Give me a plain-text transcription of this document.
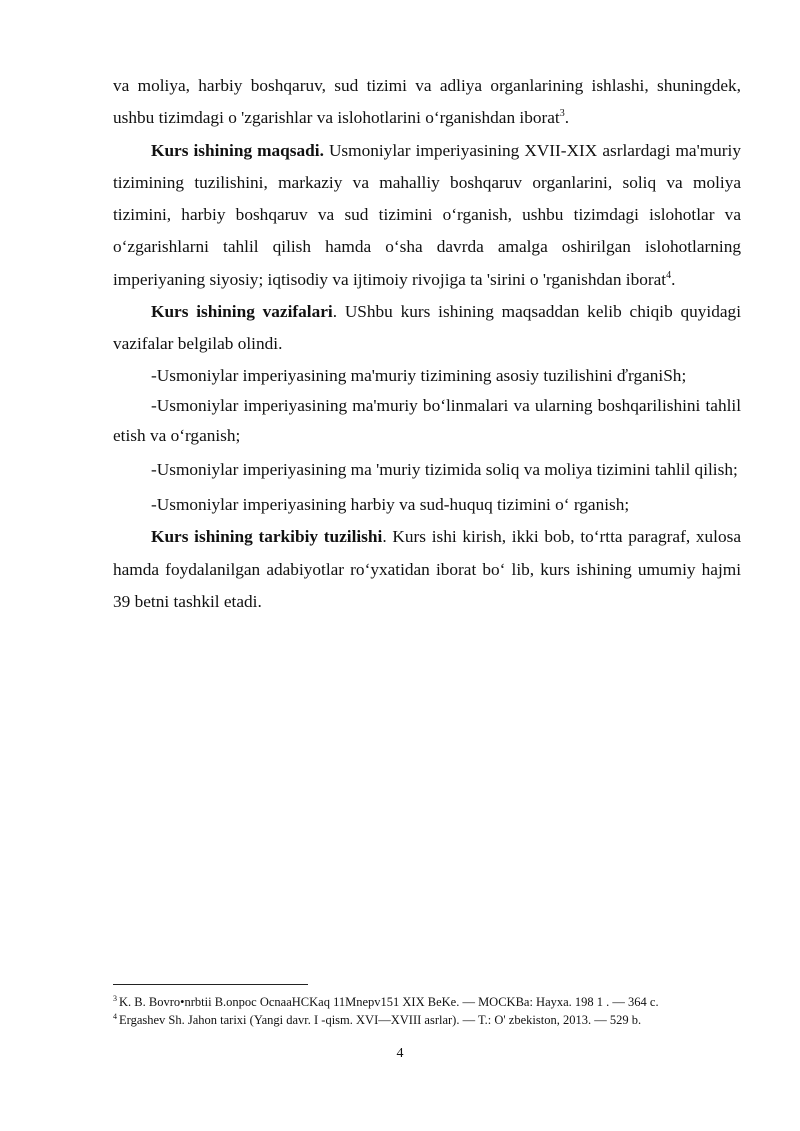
va moliya, harbiy boshqaruv, sud tizimi va adliya organlarining ishlashi, shuningdek, ushbu tizimdagi o 'zgarishlar va islohotlarini o‘rganishdan iborat$^3$.

Kurs ishining maqsadi. Usmoniylar imperiyasining XVII-XIX asrlardagi ma'muriy tizimining tuzilishini, markaziy va mahalliy boshqaruv organlarini, soliq va moliya tizimini, harbiy boshqaruv va sud tizimini o‘rganish, ushbu tizimdagi islohotlar va o‘zgarishlarni tahlil qilish hamda o‘sha davrda amalga oshirilgan islohotlarning imperiyaning siyosiy; iqtisodiy va ijtimoiy rivojiga ta 'sirini o 'rganishdan iborat$^4$.

Kurs ishining vazifalari. UShbu kurs ishining maqsaddan kelib chiqib quyidagi vazifalar belgilab olindi.

-Usmoniylar imperiyasining ma'muriy tizimining asosiy tuzilishini ďrganiSh;

-Usmoniylar imperiyasining ma'muriy bo‘linmalari va ularning boshqarilishini tahlil etish va o‘rganish;

-Usmoniylar imperiyasining ma 'muriy tizimida soliq va moliya tizimini tahlil qilish;

-Usmoniylar imperiyasining harbiy va sud-huquq tizimini o‘ rganish;

Kurs ishining tarkibiy tuzilishi. Kurs ishi kirish, ikki bob, to‘rtta paragraf, xulosa hamda foydalanilgan adabiyotlar ro‘yxatidan iborat bo‘ lib, kurs ishining umumiy hajmi 39 betni tashkil etadi.

$^3$ K. B. Bovro•nrbtii B.onpoc OcnaaHCKaq 11Mnepv151 XIX BeKe. — MOCKBa: Hayxa. 198 1 . — 364 c.

$^4$ Ergashev Sh. Jahon tarixi (Yangi davr. I -qism. XVI—XVIII asrlar). — T.: O' zbekiston, 2013. — 529 b.

4
